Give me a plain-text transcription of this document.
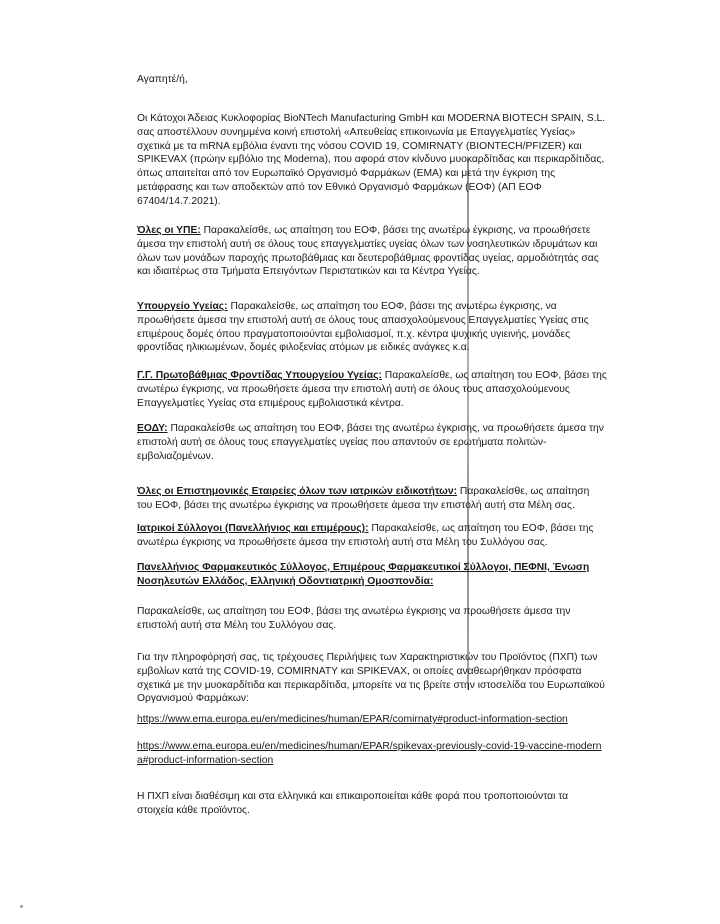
Αγαπητέ/ή,

Οι Κάτοχοι Άδειας Κυκλοφορίας BioNTech Manufacturing GmbH και MODERNA BIOTECH SPAIN, S.L. σας αποστέλλουν συνημμένα κοινή επιστολή «Απευθείας επικοινωνία με Επαγγελματίες Υγείας» σχετικά με τα mRNA εμβόλια έναντι της νόσου COVID 19, COMIRNATY (BIONTECH/PFIZER) και SPIKEVAX (πρώην εμβόλιο της Moderna), που αφορά στον κίνδυνο μυοκαρδίτιδας και περικαρδίτιδας, όπως απαιτείται από τον Ευρωπαϊκό Οργανισμό Φαρμάκων (ΕΜΑ) και μετά την έγκριση της μετάφρασης και των αποδεκτών από τον Εθνικό Οργανισμό Φαρμάκων (ΕΟΦ) (ΑΠ ΕΟΦ 67404/14.7.2021).

Όλες οι ΥΠΕ: Παρακαλείσθε, ως απαίτηση του ΕΟΦ, βάσει της ανωτέρω έγκρισης, να προωθήσετε άμεσα την επιστολή αυτή σε όλους τους επαγγελματίες υγείας όλων των νοσηλευτικών ιδρυμάτων και όλων των μονάδων παροχής πρωτοβάθμιας και δευτεροβάθμιας φροντίδας υγείας, αρμοδιότητάς σας και ιδιαιτέρως στα Τμήματα Επειγόντων Περιστατικών και τα Κέντρα Υγείας.

Υπουργείο Υγείας: Παρακαλείσθε, ως απαίτηση του ΕΟΦ, βάσει της ανωτέρω έγκρισης, να προωθήσετε άμεσα την επιστολή αυτή σε όλους τους απασχολούμενους Επαγγελματίες Υγείας στις επιμέρους δομές όπου πραγματοποιούνται εμβολιασμοί, π.χ. κέντρα ψυχικής υγιεινής, μονάδες φροντίδας ηλικιωμένων, δομές φιλοξενίας ατόμων με ειδικές ανάγκες κ.α.

Γ.Γ. Πρωτοβάθμιας Φροντίδας Υπουργείου Υγείας: Παρακαλείσθε, ως απαίτηση του ΕΟΦ, βάσει της ανωτέρω έγκρισης, να προωθήσετε άμεσα την επιστολή αυτή σε όλους τους απασχολούμενους Επαγγελματίες Υγείας στα επιμέρους εμβολιαστικά κέντρα.

ΕΟΔΥ: Παρακαλείσθε ως απαίτηση του ΕΟΦ, βάσει της ανωτέρω έγκρισης, να προωθήσετε άμεσα την επιστολή αυτή σε όλους τους επαγγελματίες υγείας που απαντούν σε ερωτήματα πολιτών-εμβολιαζομένων.

Όλες οι Επιστημονικές Εταιρείες όλων των ιατρικών ειδικοτήτων: Παρακαλείσθε, ως απαίτηση του ΕΟΦ, βάσει της ανωτέρω έγκρισης να προωθήσετε άμεσα την επιστολή αυτή στα Μέλη σας.

Ιατρικοί Σύλλογοι (Πανελλήνιος και επιμέρους): Παρακαλείσθε, ως απαίτηση του ΕΟΦ, βάσει της ανωτέρω έγκρισης να προωθήσετε άμεσα την επιστολή αυτή στα Μέλη του Συλλόγου σας.

Πανελλήνιος Φαρμακευτικός Σύλλογος, Επιμέρους Φαρμακευτικοί Σύλλογοι, ΠΕΦΝΙ, Ένωση Νοσηλευτών Ελλάδος, Ελληνική Οδοντιατρική Ομοσπονδία:

Παρακαλείσθε, ως απαίτηση του ΕΟΦ, βάσει της ανωτέρω έγκρισης να προωθήσετε άμεσα την επιστολή αυτή στα Μέλη του Συλλόγου σας.

Για την πληροφόρησή σας, τις τρέχουσες Περιλήψεις των Χαρακτηριστικών του Προϊόντος (ΠΧΠ) των εμβολίων κατά της COVID-19, COMIRNATY και SPIKEVAX, οι οποίες αναθεωρήθηκαν πρόσφατα σχετικά με την μυοκαρδίτιδα και περικαρδίτιδα, μπορείτε να τις βρείτε στην ιστοσελίδα του Ευρωπαϊκού Οργανισμού Φαρμάκων:

https://www.ema.europa.eu/en/medicines/human/EPAR/comirnaty#product-information-section

https://www.ema.europa.eu/en/medicines/human/EPAR/spikevax-previously-covid-19-vaccine-moderna#product-information-section

Η ΠΧΠ είναι διαθέσιμη και στα ελληνικά και επικαιροποιείται κάθε φορά που τροποποιούνται τα στοιχεία κάθε προϊόντος.
